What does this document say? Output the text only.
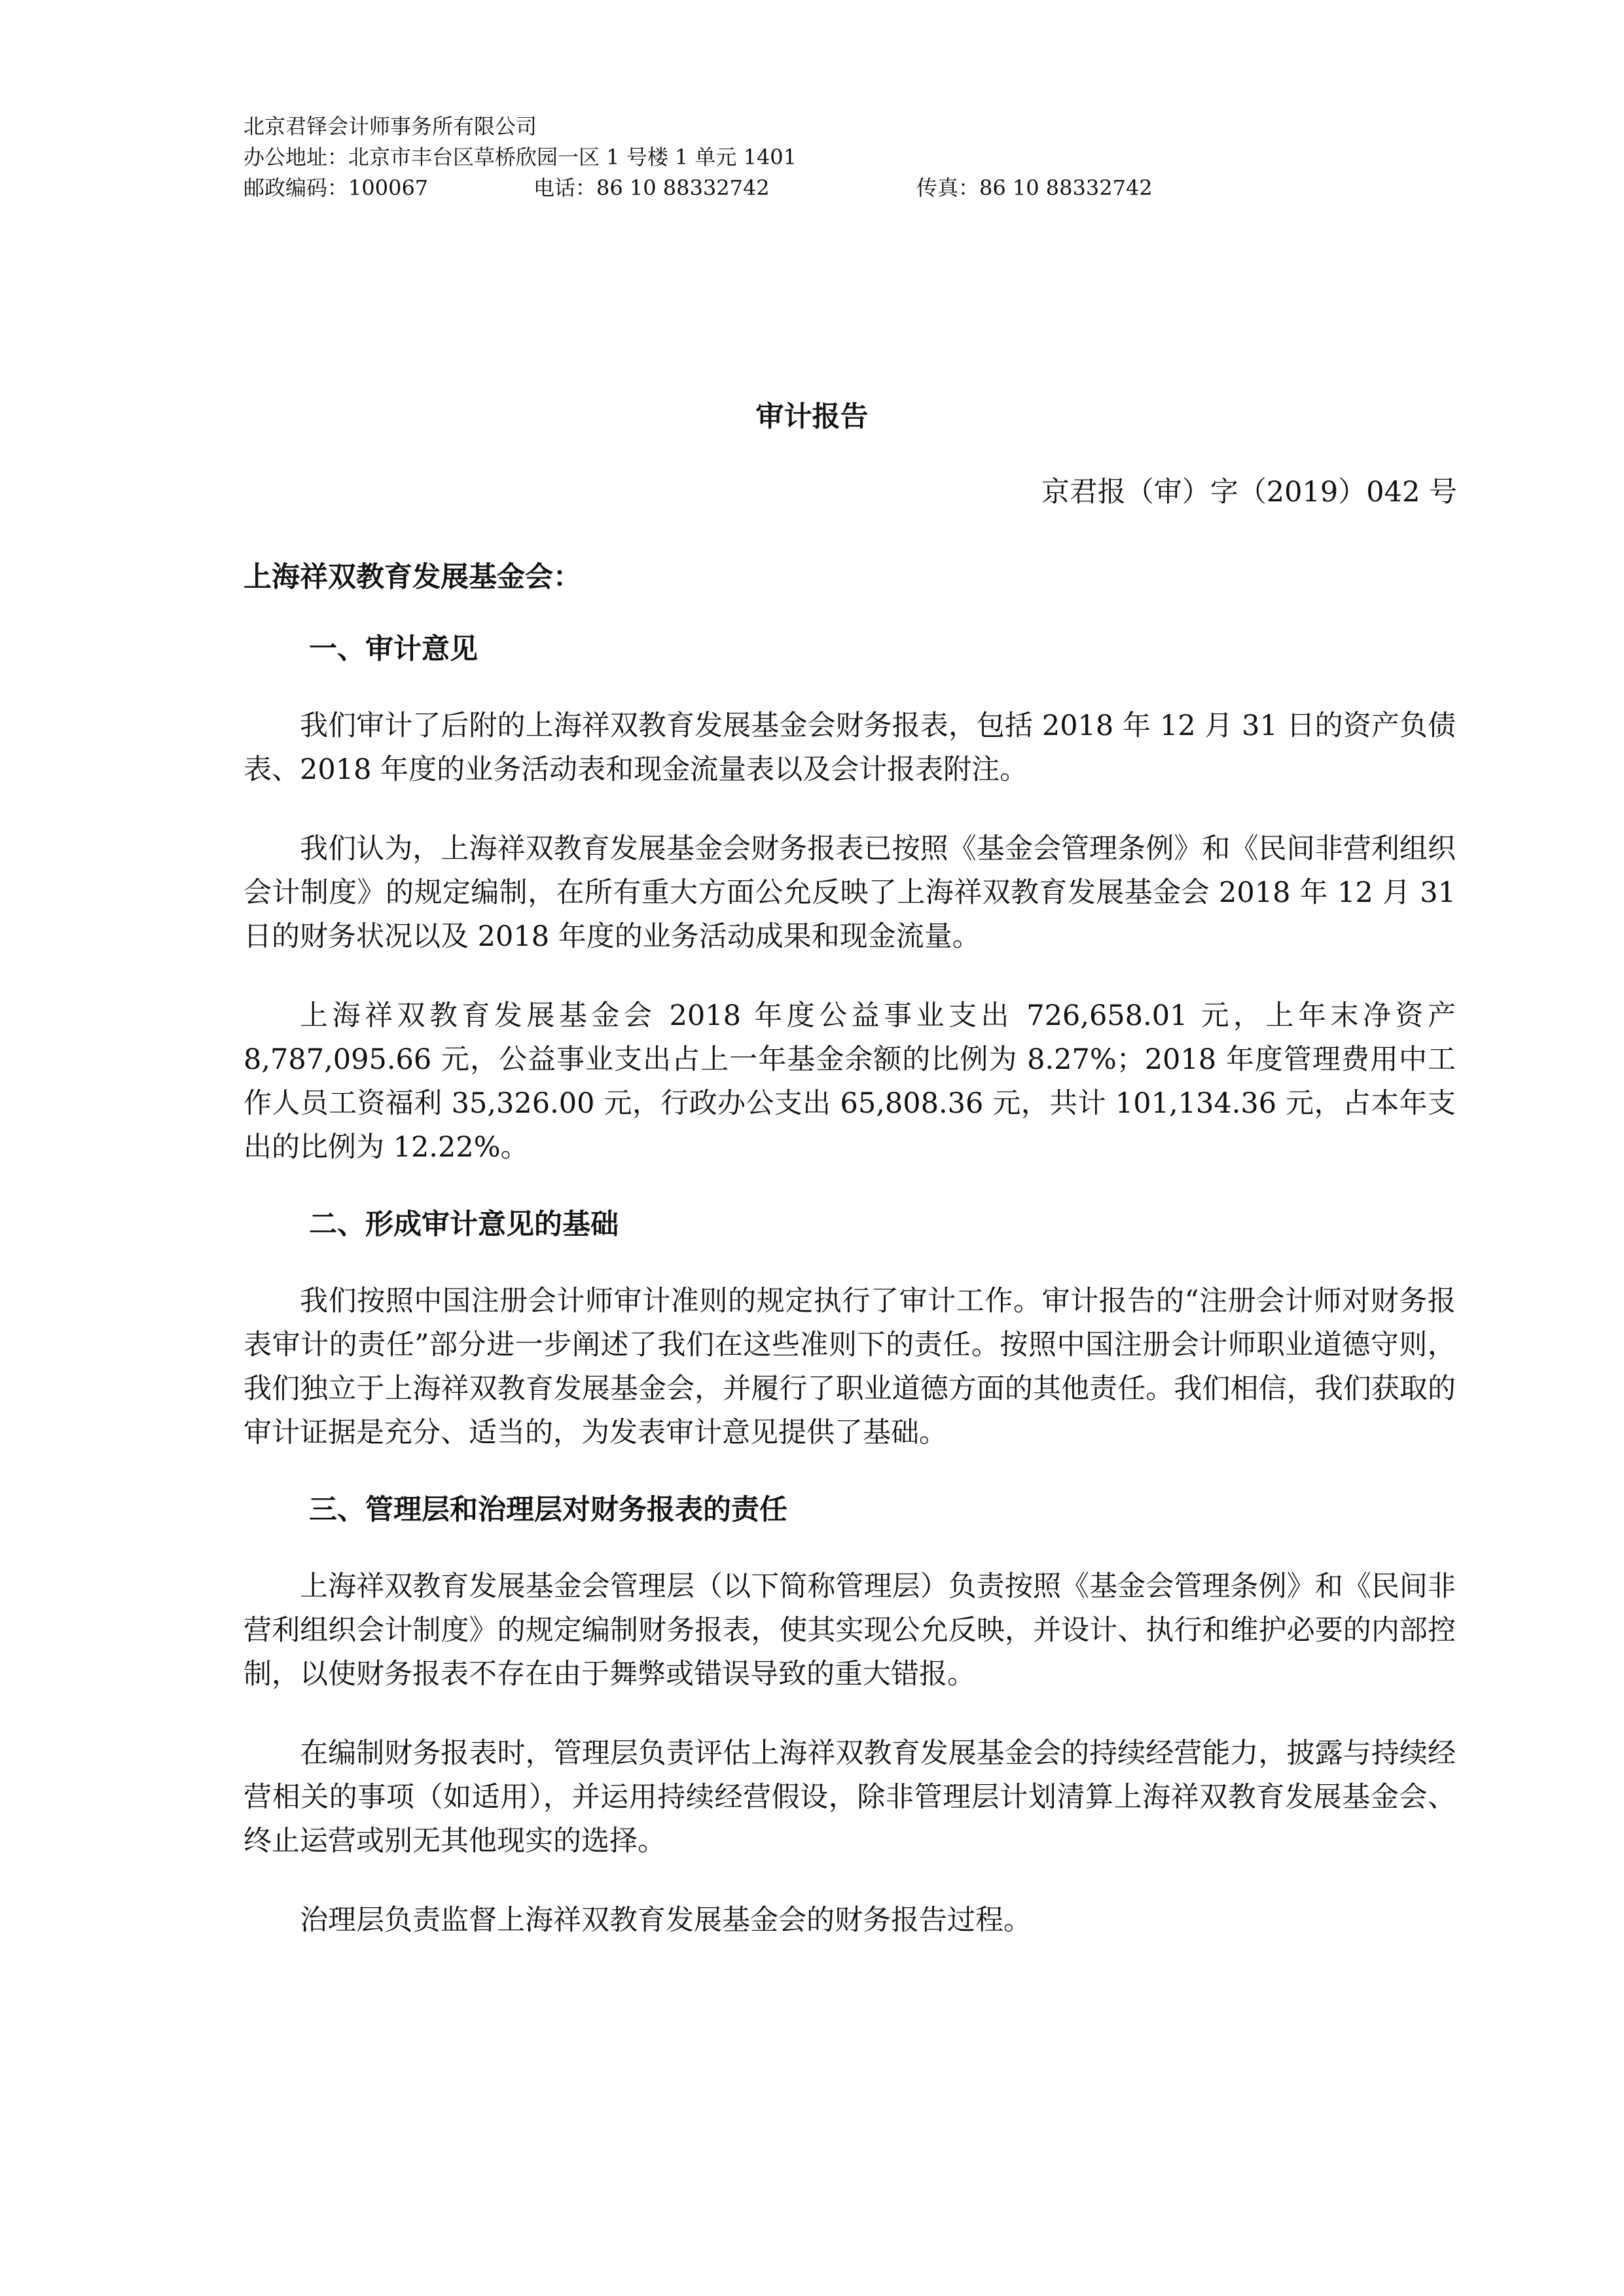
北京君铎会计师事务所有限公司
办公地址：北京市丰台区草桥欣园一区 1 号楼 1 单元 1401
邮政编码：100067	电话：86 10 88332742	传真：86 10 88332742
审计报告
京君报（审）字（2019）042 号
上海祥双教育发展基金会：
一、审计意见

我们审计了后附的上海祥双教育发展基金会财务报表，包括 2018 年 12 月 31 日的资产负债表、2018 年度的业务活动表和现金流量表以及会计报表附注。

我们认为，上海祥双教育发展基金会财务报表已按照《基金会管理条例》和《民间非营利组织会计制度》的规定编制，在所有重大方面公允反映了上海祥双教育发展基金会 2018 年 12 月 31 日的财务状况以及 2018 年度的业务活动成果和现金流量。

上海祥双教育发展基金会 2018 年度公益事业支出 726,658.01 元，上年末净资产 8,787,095.66 元，公益事业支出占上一年基金余额的比例为 8.27%；2018 年度管理费用中工作人员工资福利 35,326.00 元，行政办公支出 65,808.36 元，共计 101,134.36 元，占本年支出的比例为 12.22%。

二、形成审计意见的基础

我们按照中国注册会计师审计准则的规定执行了审计工作。审计报告的“注册会计师对财务报表审计的责任”部分进一步阐述了我们在这些准则下的责任。按照中国注册会计师职业道德守则，我们独立于上海祥双教育发展基金会，并履行了职业道德方面的其他责任。我们相信，我们获取的审计证据是充分、适当的，为发表审计意见提供了基础。

三、管理层和治理层对财务报表的责任

上海祥双教育发展基金会管理层（以下简称管理层）负责按照《基金会管理条例》和《民间非营利组织会计制度》的规定编制财务报表，使其实现公允反映，并设计、执行和维护必要的内部控制，以使财务报表不存在由于舞弊或错误导致的重大错报。

在编制财务报表时，管理层负责评估上海祥双教育发展基金会的持续经营能力，披露与持续经营相关的事项（如适用），并运用持续经营假设，除非管理层计划清算上海祥双教育发展基金会、终止运营或别无其他现实的选择。

治理层负责监督上海祥双教育发展基金会的财务报告过程。
